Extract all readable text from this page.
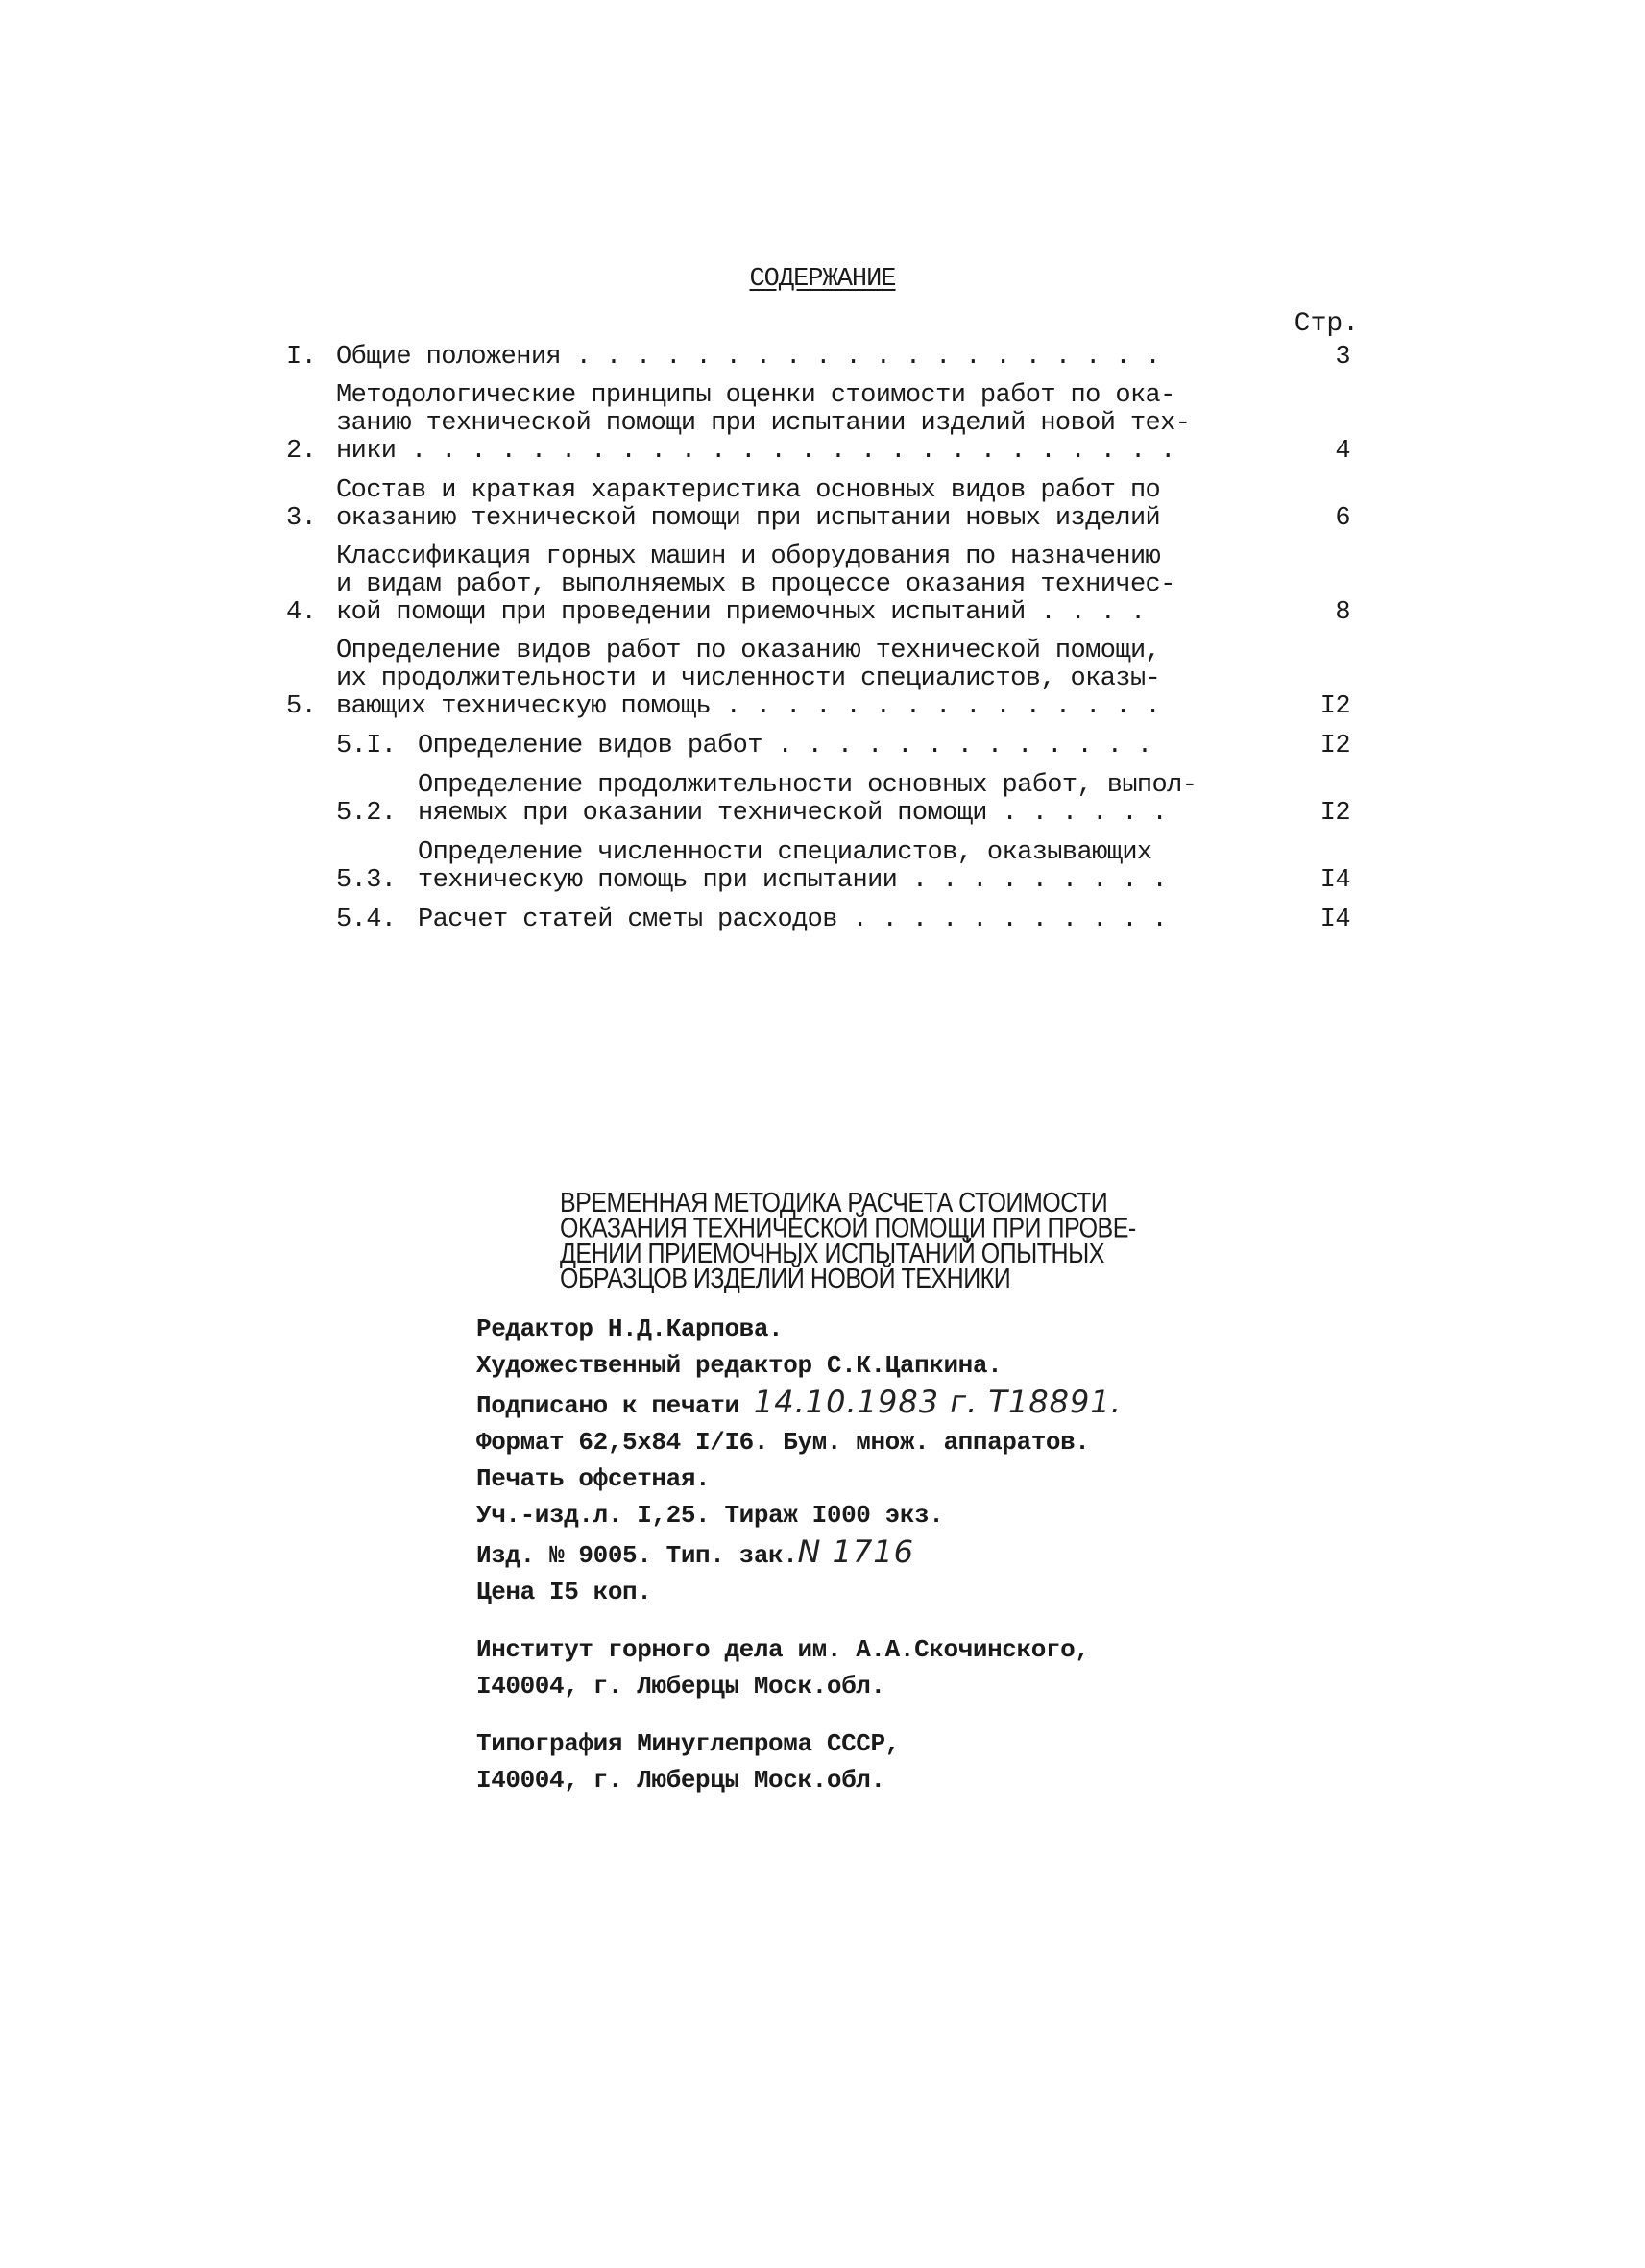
СОДЕРЖАНИЕ
Стр.
I. Общие положения . . . . . . . . . . . . . . . . . . . .	3
2.
Методологические принципы оценки стоимости работ по ока-
занию технической помощи при испытании изделий новой тех-
ники . . . . . . . . . . . . . . . . . . . . . . . . . .	4
3.
Состав и краткая характеристика основных видов работ по
оказанию технической помощи при испытании новых изделий	6
4.
Классификация горных машин и оборудования по назначению
и видам работ, выполняемых в процессе оказания техничес-
кой помощи при проведении приемочных испытаний . . . .	8
5.
Определение видов работ по оказанию технической помощи,
их продолжительности и численности специалистов, оказы-
вающих техническую помощь . . . . . . . . . . . . . . .	I2
5.I. Определение видов работ . . . . . . . . . . . . .	I2
5.2.
Определение продолжительности основных работ, выпол-
няемых при оказании технической помощи . . . . . .	I2
5.3.
Определение численности специалистов, оказывающих
техническую помощь при испытании . . . . . . . . .	I4
5.4. Расчет статей сметы расходов . . . . . . . . . . .	I4
ВРЕМЕННАЯ МЕТОДИКА РАСЧЕТА СТОИМОСТИ
ОКАЗАНИЯ ТЕХНИЧЕСКОЙ ПОМОЩИ ПРИ ПРОВЕ-
ДЕНИИ ПРИЕМОЧНЫХ ИСПЫТАНИЙ ОПЫТНЫХ
ОБРАЗЦОВ ИЗДЕЛИЙ НОВОЙ ТЕХНИКИ
Редактор Н.Д.Карпова.
Художественный редактор С.К.Цапкина.
Подписано к печати 14.10.1983 г. Т18891.
Формат 62,5х84 I/I6. Бум. множ. аппаратов.
Печать офсетная.
Уч.-изд.л. I,25. Тираж I000 экз.
Изд. № 9005. Тип. зак.N 1716
Цена I5 коп.
Институт горного дела им. А.А.Скочинского,
I40004, г. Люберцы Моск.обл.
Типография Минуглепрома СССР,
I40004, г. Люберцы Моск.обл.
